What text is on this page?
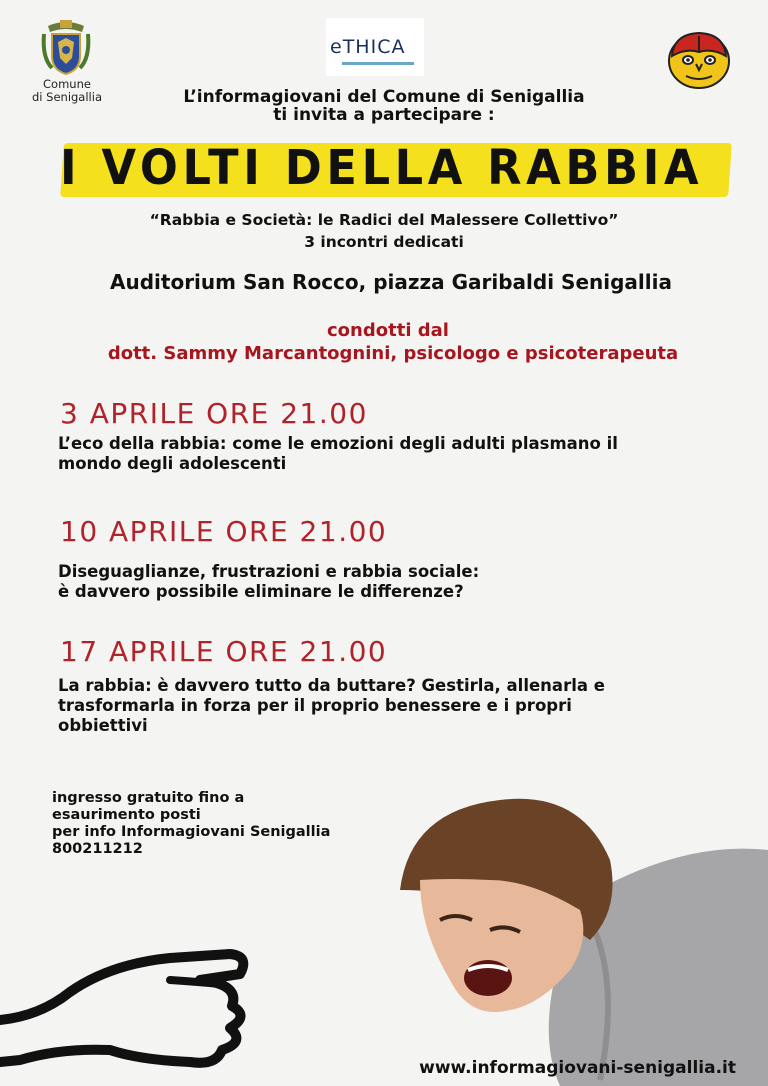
Comune
di Senigallia
eTHICA
L’informagiovani del Comune di Senigallia
ti invita a partecipare :
I VOLTI DELLA RABBIA
“Rabbia e Società: le Radici del Malessere Collettivo”
3 incontri dedicati
Auditorium San Rocco, piazza Garibaldi Senigallia
condotti dal
dott. Sammy Marcantognini, psicologo e psicoterapeuta
3 APRILE ORE 21.00
L’eco della rabbia: come le emozioni degli adulti plasmano il
mondo degli adolescenti
10 APRILE ORE 21.00
Diseguaglianze, frustrazioni e rabbia sociale:
è davvero possibile eliminare le differenze?
17 APRILE ORE 21.00
La rabbia: è davvero tutto da buttare? Gestirla, allenarla e
trasformarla in forza per il proprio benessere e i propri
obbiettivi
ingresso gratuito fino a
esaurimento posti
per info Informagiovani Senigallia
800211212
www.informagiovani-senigallia.it
